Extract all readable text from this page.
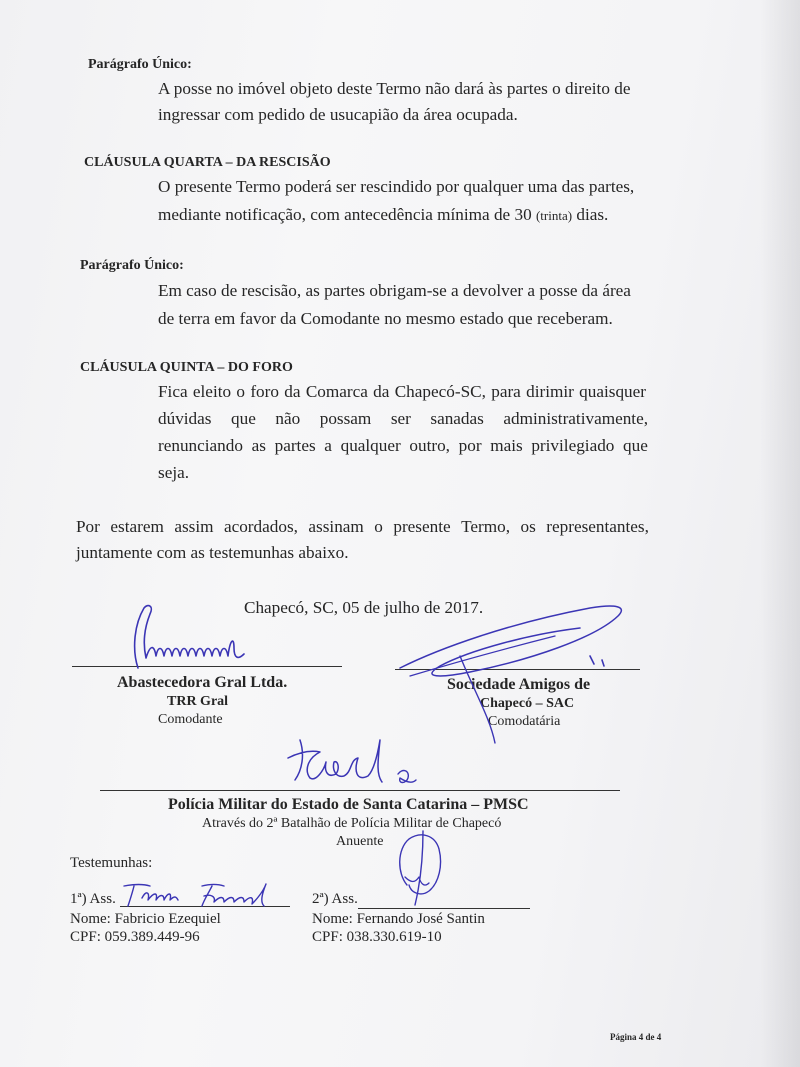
Parágrafo Único:
A posse no imóvel objeto deste Termo não dará às partes o direito de
ingressar com pedido de usucapião da área ocupada.
CLÁUSULA QUARTA – DA RESCISÃO
O presente Termo poderá ser rescindido por qualquer uma das partes,
mediante notificação, com antecedência mínima de 30 (trinta) dias.
Parágrafo Único:
Em caso de rescisão, as partes obrigam-se a devolver a posse da área
de terra em favor da Comodante no mesmo estado que receberam.
CLÁUSULA QUINTA – DO FORO
Fica eleito o foro da Comarca da Chapecó-SC, para dirimir quaisquer
dúvidas que não possam ser sanadas administrativamente,
renunciando as partes a qualquer outro, por mais privilegiado que
seja.
Por estarem assim acordados, assinam o presente Termo, os representantes,
juntamente com as testemunhas abaixo.
Chapecó, SC, 05 de julho de 2017.
Abastecedora Gral Ltda.
TRR Gral
Comodante
Sociedade Amigos de
Chapecó – SAC
Comodatária
Polícia Militar do Estado de Santa Catarina – PMSC
Através do 2ª Batalhão de Polícia Militar de Chapecó
Anuente
Testemunhas:
1ª) Ass.
Nome: Fabricio Ezequiel
CPF: 059.389.449-96
2ª) Ass.
Nome: Fernando José Santin
CPF: 038.330.619-10
Página 4 de 4
